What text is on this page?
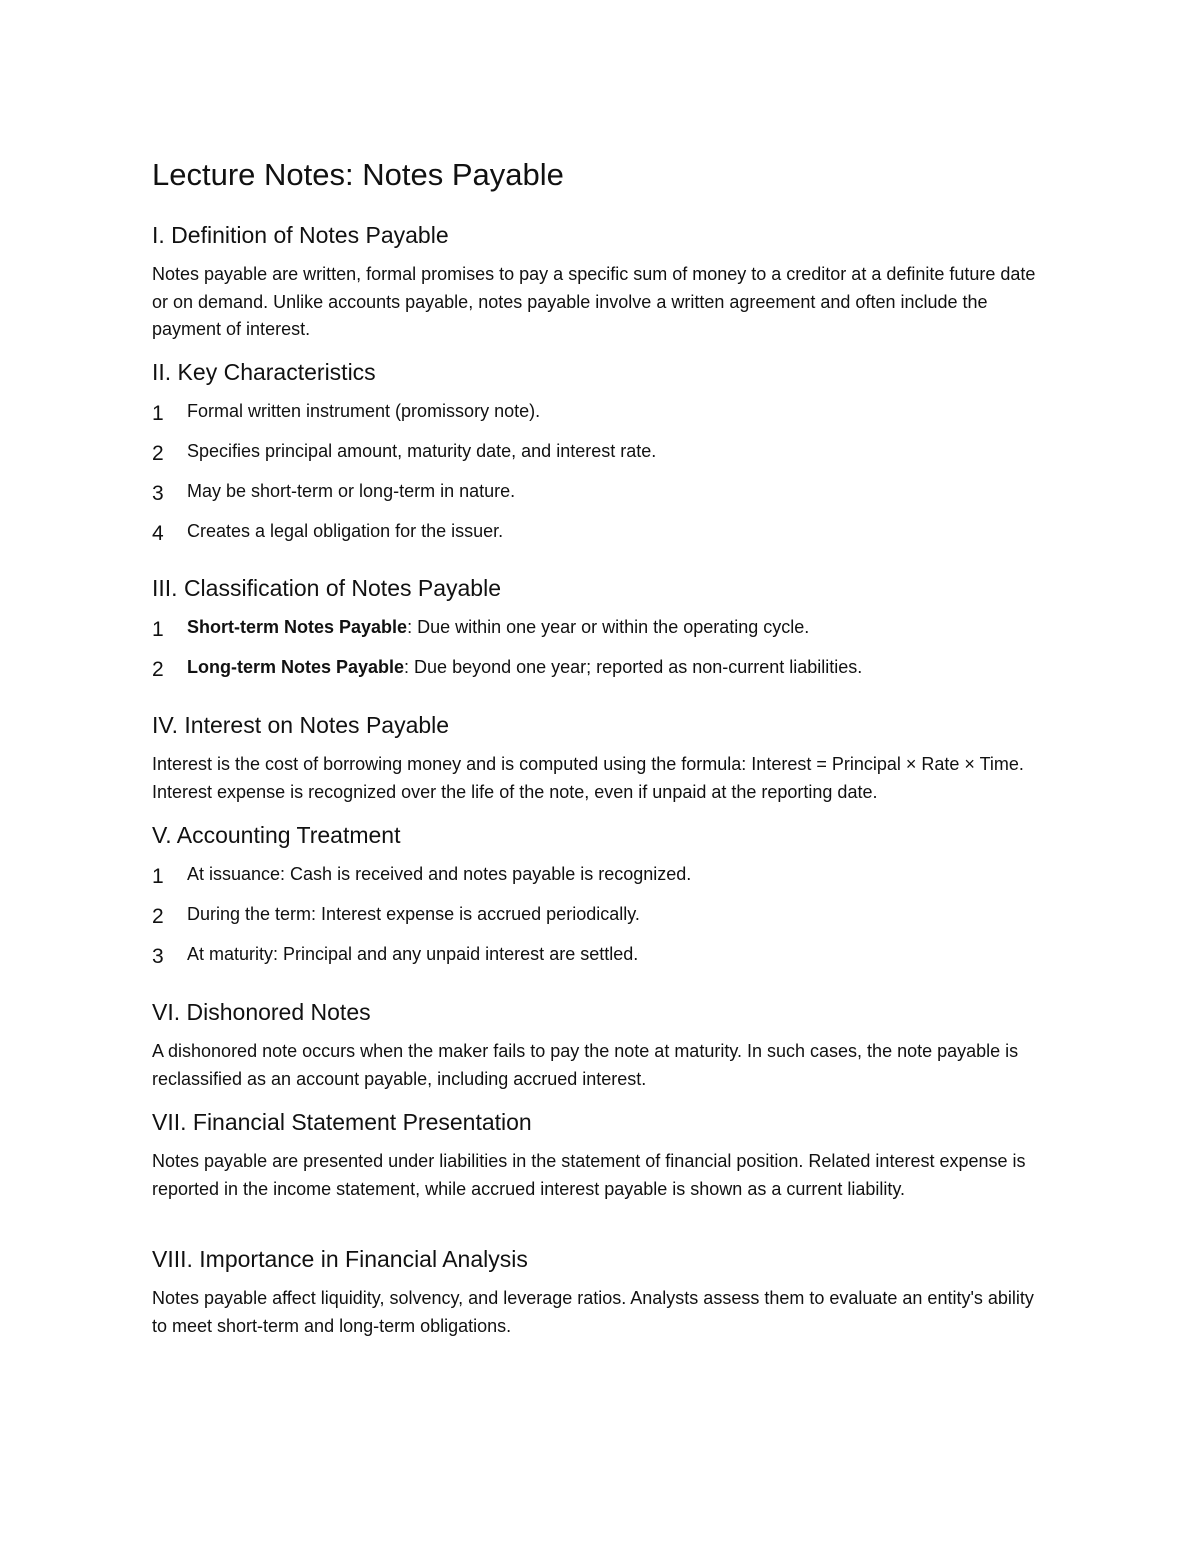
Lecture Notes: Notes Payable
I. Definition of Notes Payable

Notes payable are written, formal promises to pay a specific sum of money to a creditor at a definite future date or on demand. Unlike accounts payable, notes payable involve a written agreement and often include the payment of interest.

II. Key Characteristics
1 Formal written instrument (promissory note).
2 Specifies principal amount, maturity date, and interest rate.
3 May be short-term or long-term in nature.
4 Creates a legal obligation for the issuer.
III. Classification of Notes Payable
1 Short-term Notes Payable: Due within one year or within the operating cycle.
2 Long-term Notes Payable: Due beyond one year; reported as non-current liabilities.
IV. Interest on Notes Payable

Interest is the cost of borrowing money and is computed using the formula: Interest = Principal × Rate × Time. Interest expense is recognized over the life of the note, even if unpaid at the reporting date.

V. Accounting Treatment
1 At issuance: Cash is received and notes payable is recognized.
2 During the term: Interest expense is accrued periodically.
3 At maturity: Principal and any unpaid interest are settled.
VI. Dishonored Notes

A dishonored note occurs when the maker fails to pay the note at maturity. In such cases, the note payable is reclassified as an account payable, including accrued interest.

VII. Financial Statement Presentation

Notes payable are presented under liabilities in the statement of financial position. Related interest expense is reported in the income statement, while accrued interest payable is shown as a current liability.

VIII. Importance in Financial Analysis

Notes payable affect liquidity, solvency, and leverage ratios. Analysts assess them to evaluate an entity's ability to meet short-term and long-term obligations.
